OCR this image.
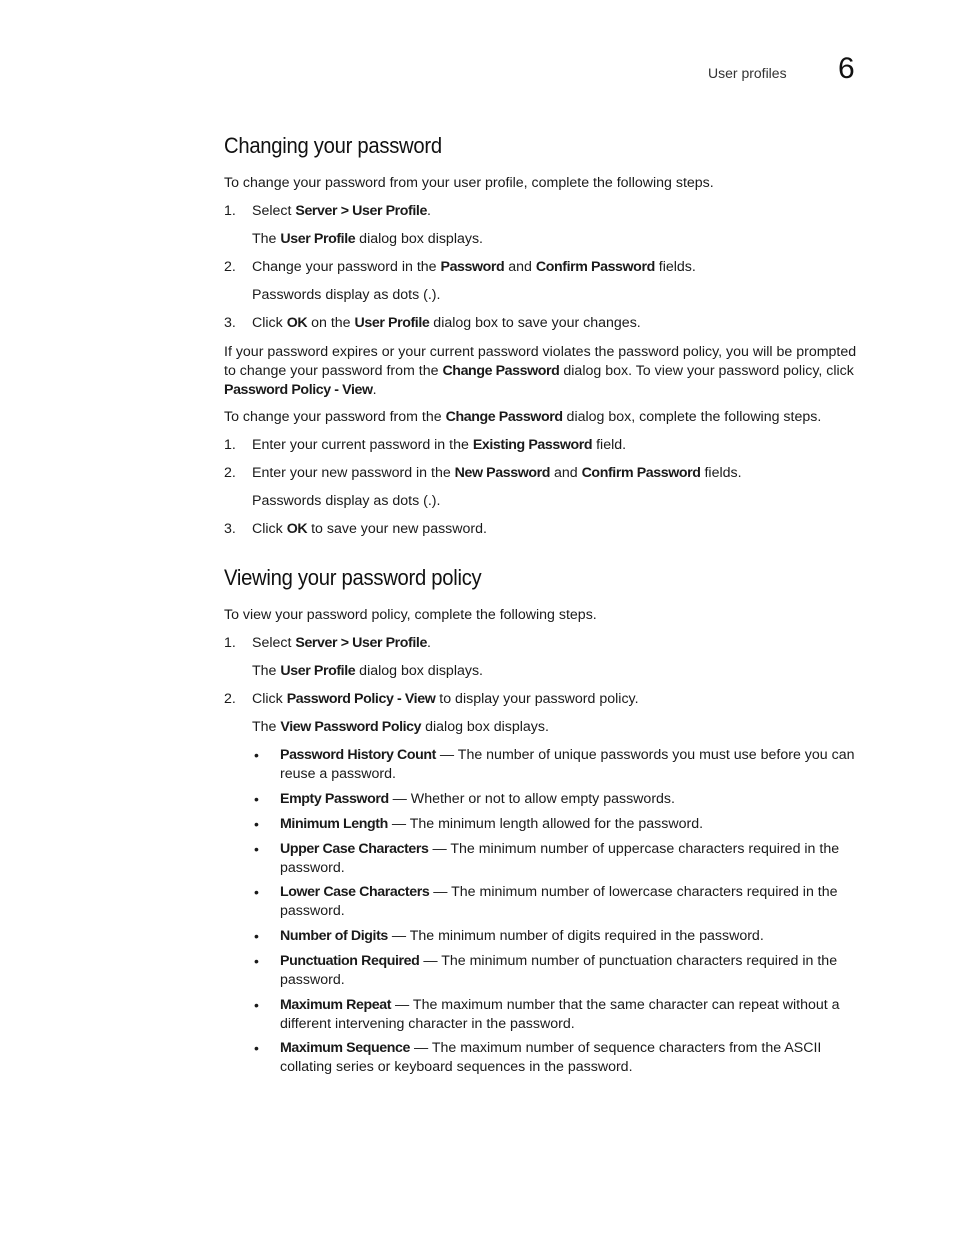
User profiles 6
Changing your password

To change your password from your user profile, complete the following steps.

1. Select Server > User Profile.

The User Profile dialog box displays.

2. Change your password in the Password and Confirm Password fields.

Passwords display as dots (.).

3. Click OK on the User Profile dialog box to save your changes.

If your password expires or your current password violates the password policy, you will be prompted to change your password from the Change Password dialog box. To view your password policy, click Password Policy - View.

To change your password from the Change Password dialog box, complete the following steps.

1. Enter your current password in the Existing Password field.

2. Enter your new password in the New Password and Confirm Password fields.

Passwords display as dots (.).

3. Click OK to save your new password.

Viewing your password policy

To view your password policy, complete the following steps.

1. Select Server > User Profile.

The User Profile dialog box displays.

2. Click Password Policy - View to display your password policy.

The View Password Policy dialog box displays.

• Password History Count — The number of unique passwords you must use before you can reuse a password.

• Empty Password — Whether or not to allow empty passwords.

• Minimum Length — The minimum length allowed for the password.

• Upper Case Characters — The minimum number of uppercase characters required in the password.

• Lower Case Characters — The minimum number of lowercase characters required in the password.

• Number of Digits — The minimum number of digits required in the password.

• Punctuation Required — The minimum number of punctuation characters required in the password.

• Maximum Repeat — The maximum number that the same character can repeat without a different intervening character in the password.

• Maximum Sequence — The maximum number of sequence characters from the ASCII collating series or keyboard sequences in the password.
